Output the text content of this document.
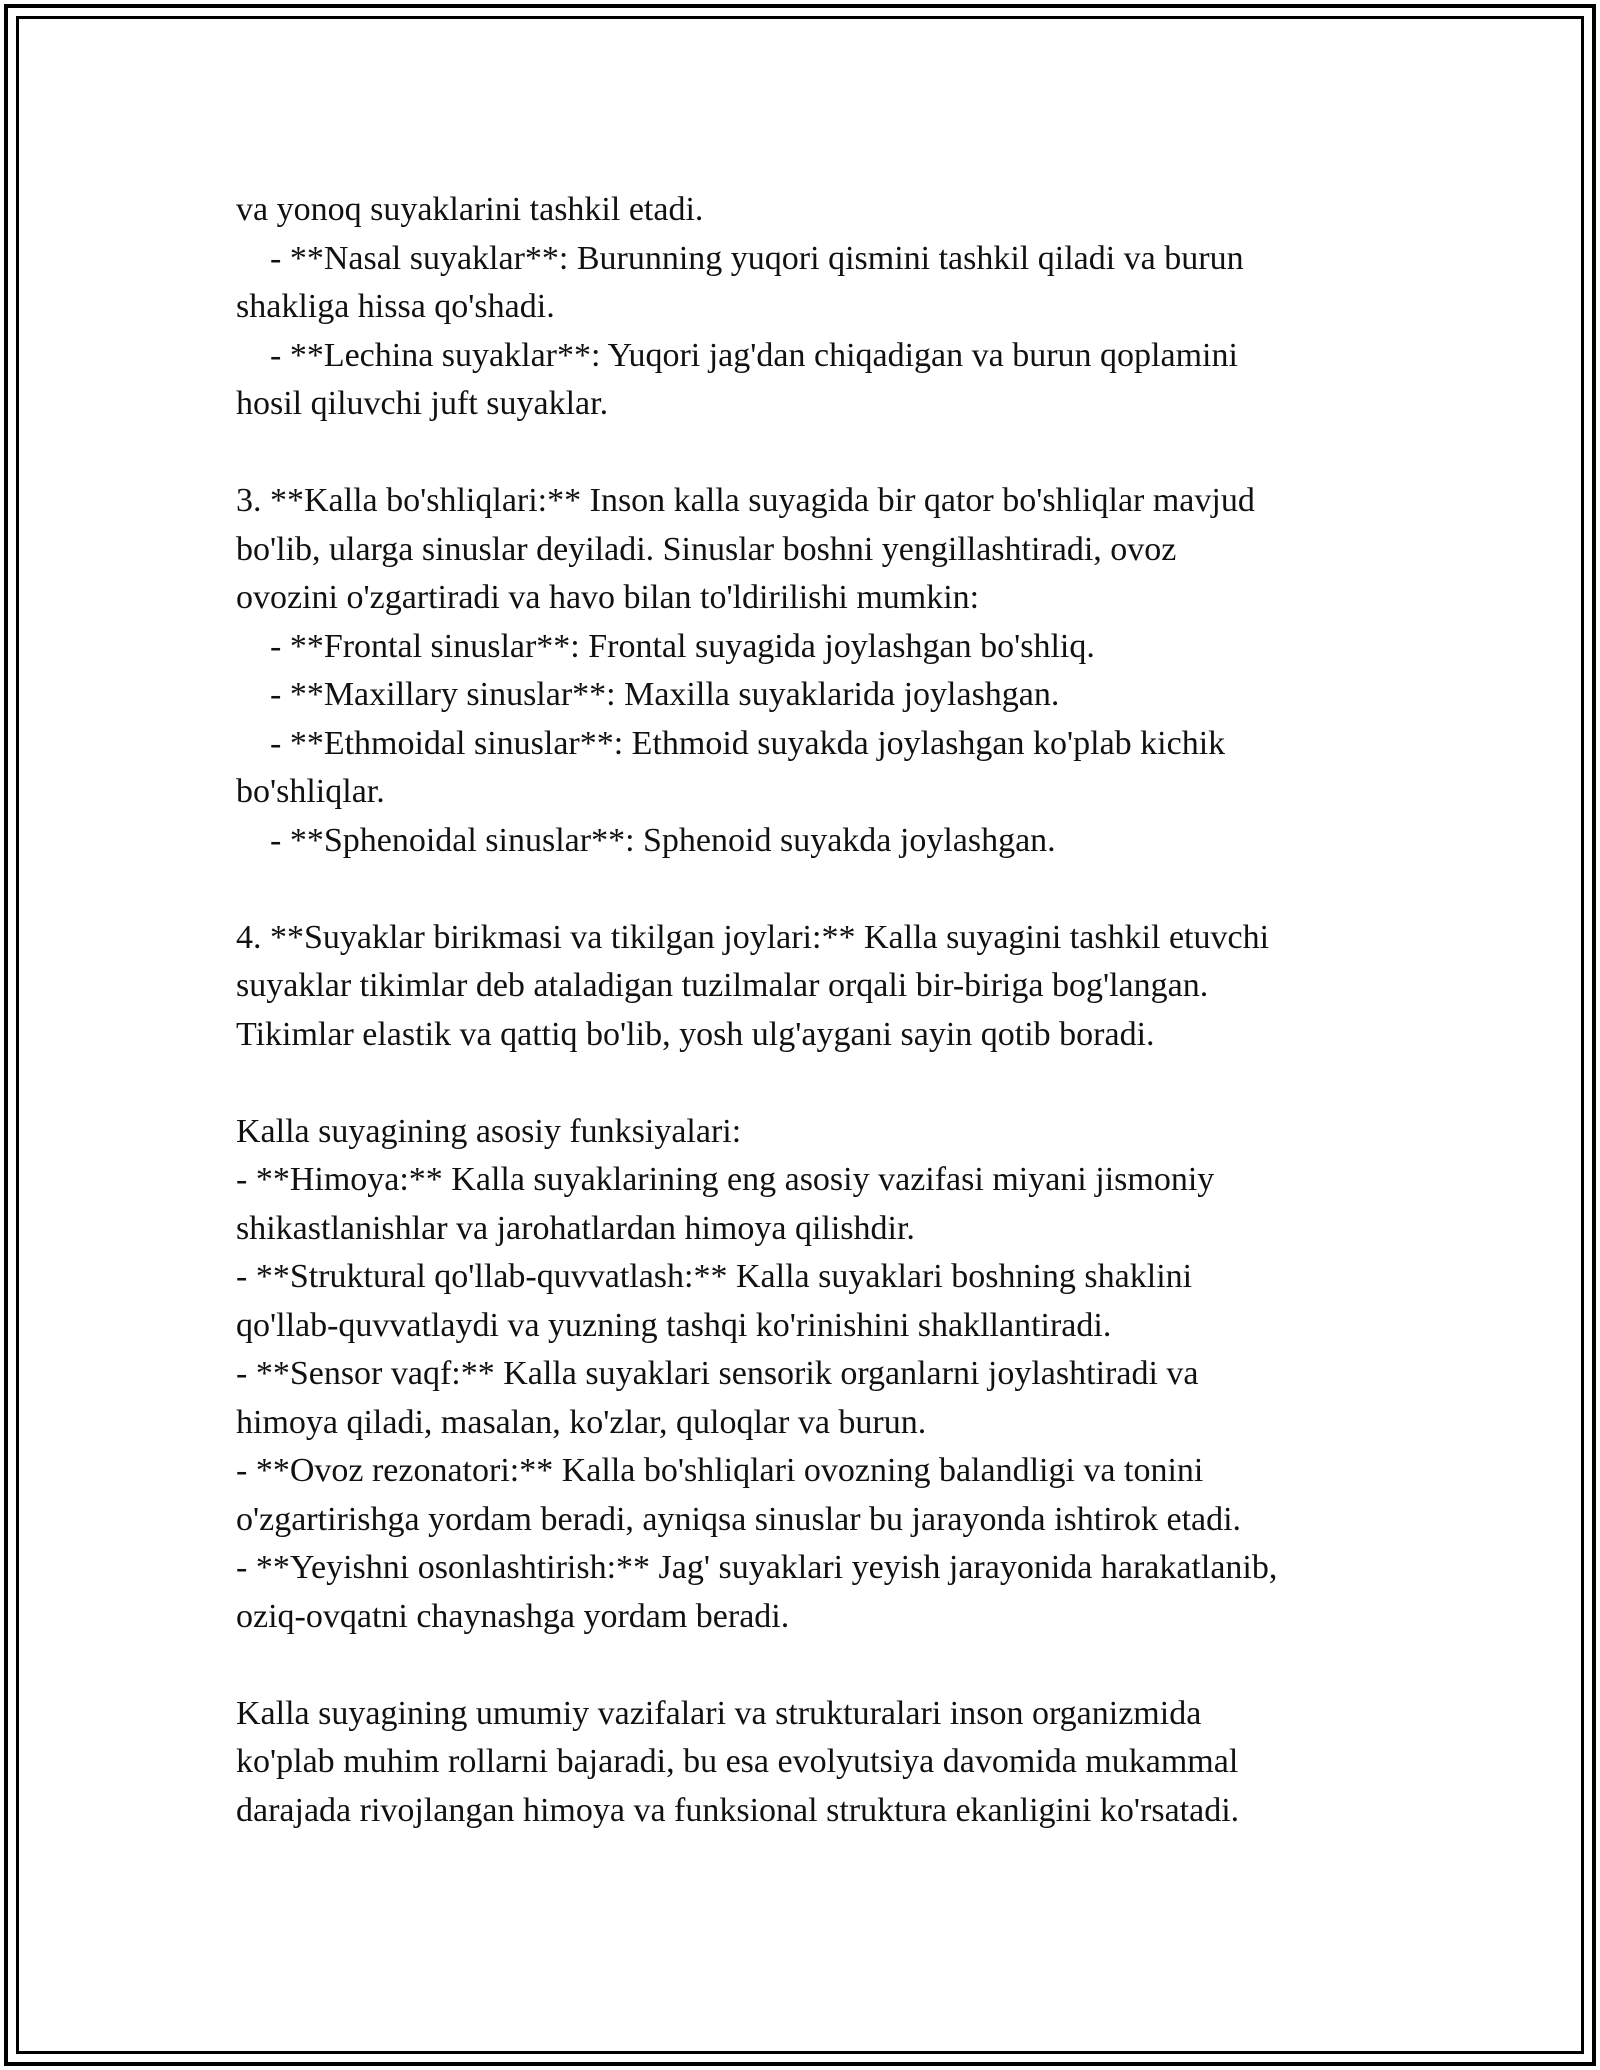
va yonoq suyaklarini tashkil etadi.
- **Nasal suyaklar**: Burunning yuqori qismini tashkil qiladi va burun
shakliga hissa qo'shadi.
- **Lechina suyaklar**: Yuqori jag'dan chiqadigan va burun qoplamini
hosil qiluvchi juft suyaklar.
3. **Kalla bo'shliqlari:** Inson kalla suyagida bir qator bo'shliqlar mavjud
bo'lib, ularga sinuslar deyiladi. Sinuslar boshni yengillashtiradi, ovoz
ovozini o'zgartiradi va havo bilan to'ldirilishi mumkin:
- **Frontal sinuslar**: Frontal suyagida joylashgan bo'shliq.
- **Maxillary sinuslar**: Maxilla suyaklarida joylashgan.
- **Ethmoidal sinuslar**: Ethmoid suyakda joylashgan ko'plab kichik
bo'shliqlar.
- **Sphenoidal sinuslar**: Sphenoid suyakda joylashgan.
4. **Suyaklar birikmasi va tikilgan joylari:** Kalla suyagini tashkil etuvchi
suyaklar tikimlar deb ataladigan tuzilmalar orqali bir-biriga bog'langan.
Tikimlar elastik va qattiq bo'lib, yosh ulg'aygani sayin qotib boradi.
Kalla suyagining asosiy funksiyalari:
- **Himoya:** Kalla suyaklarining eng asosiy vazifasi miyani jismoniy
shikastlanishlar va jarohatlardan himoya qilishdir.
- **Struktural qo'llab-quvvatlash:** Kalla suyaklari boshning shaklini
qo'llab-quvvatlaydi va yuzning tashqi ko'rinishini shakllantiradi.
- **Sensor vaqf:** Kalla suyaklari sensorik organlarni joylashtiradi va
himoya qiladi, masalan, ko'zlar, quloqlar va burun.
- **Ovoz rezonatori:** Kalla bo'shliqlari ovozning balandligi va tonini
o'zgartirishga yordam beradi, ayniqsa sinuslar bu jarayonda ishtirok etadi.
- **Yeyishni osonlashtirish:** Jag' suyaklari yeyish jarayonida harakatlanib,
oziq-ovqatni chaynashga yordam beradi.
Kalla suyagining umumiy vazifalari va strukturalari inson organizmida
ko'plab muhim rollarni bajaradi, bu esa evolyutsiya davomida mukammal
darajada rivojlangan himoya va funksional struktura ekanligini ko'rsatadi.
